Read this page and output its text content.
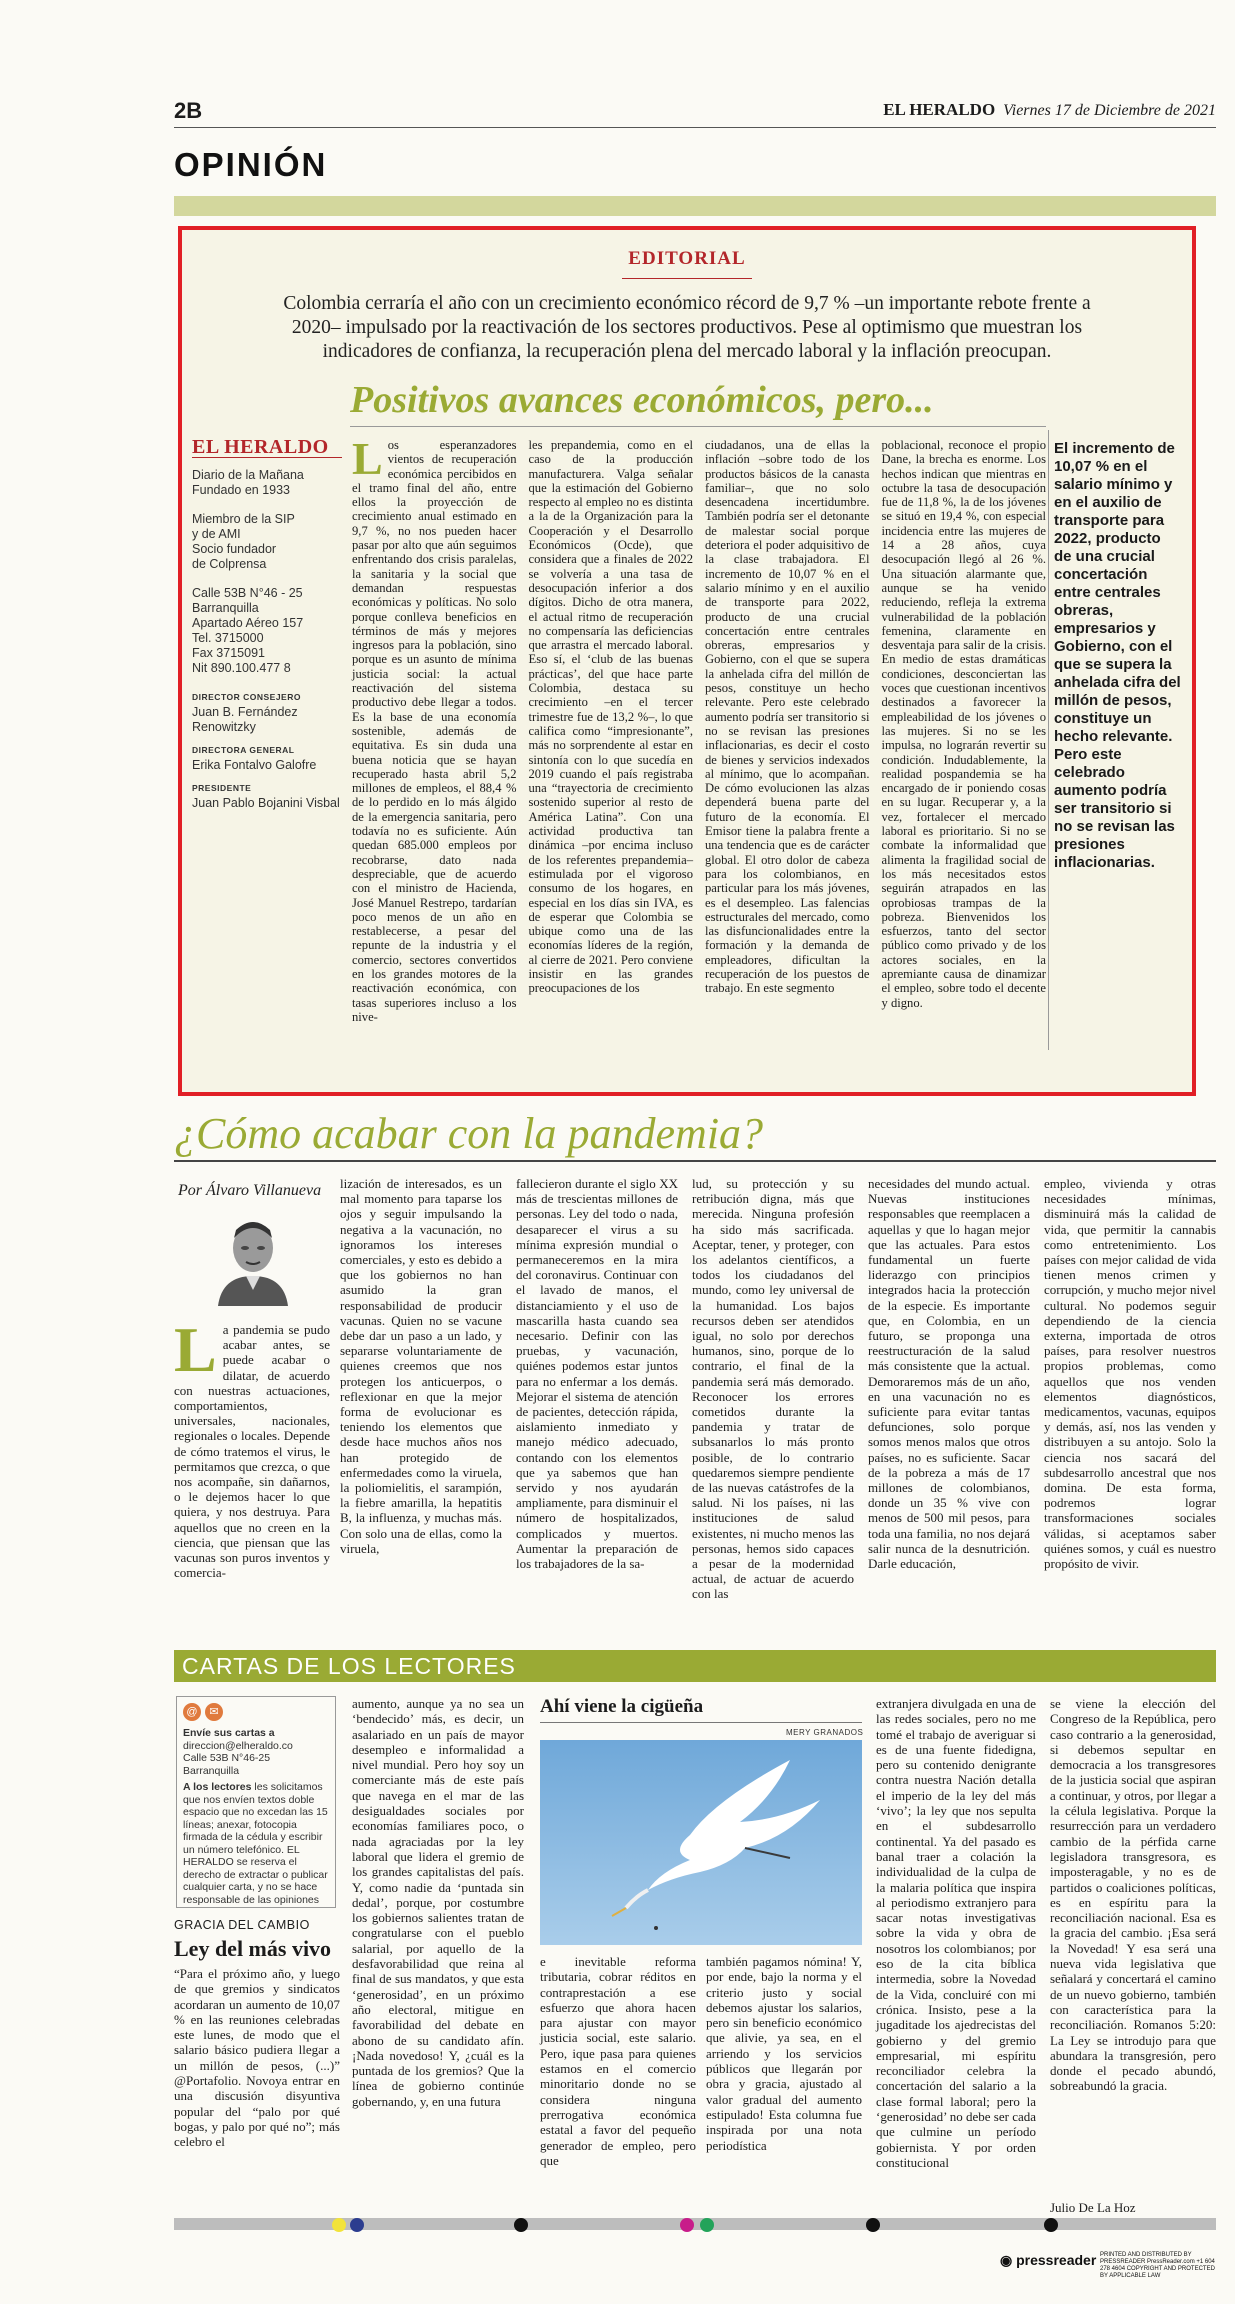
2B	EL HERALDO Viernes 17 de Diciembre de 2021
OPINIÓN
EDITORIAL
Colombia cerraría el año con un crecimiento económico récord de 9,7 % –un importante rebote frente a 2020– impulsado por la reactivación de los sectores productivos. Pese al optimismo que muestran los indicadores de confianza, la recuperación plena del mercado laboral y la inflación preocupan.
Positivos avances económicos, pero...
EL HERALDO
Diario de la Mañana
Fundado en 1933
Miembro de la SIP
y de AMI
Socio fundador
de Colprensa
Calle 53B N°46 - 25
Barranquilla
Apartado Aéreo 157
Tel. 3715000
Fax 3715091
Nit 890.100.477 8
DIRECTOR CONSEJERO
Juan B. Fernández Renowitzky
DIRECTORA GENERAL
Erika Fontalvo Galofre
PRESIDENTE
Juan Pablo Bojanini Visbal
Los esperanzadores vientos de recuperación económica percibidos en el tramo final del año, entre ellos la proyección de crecimiento anual estimado en 9,7 %, no nos pueden hacer pasar por alto que aún seguimos enfrentando dos crisis paralelas, la sanitaria y la social que demandan respuestas económicas y políticas. No solo porque conlleva beneficios en términos de más y mejores ingresos para la población, sino porque es un asunto de mínima justicia social: la actual reactivación del sistema productivo debe llegar a todos. Es la base de una economía sostenible, además de equitativa. Es sin duda una buena noticia que se hayan recuperado hasta abril 5,2 millones de empleos, el 88,4 % de lo perdido en lo más álgido de la emergencia sanitaria, pero todavía no es suficiente. Aún quedan 685.000 empleos por recobrarse, dato nada despreciable, que de acuerdo con el ministro de Hacienda, José Manuel Restrepo, tardarían poco menos de un año en restablecerse, a pesar del repunte de la industria y el comercio, sectores convertidos en los grandes motores de la reactivación económica, con tasas superiores incluso a los nive-
les prepandemia, como en el caso de la producción manufacturera. Valga señalar que la estimación del Gobierno respecto al empleo no es distinta a la de la Organización para la Cooperación y el Desarrollo Económicos (Ocde), que considera que a finales de 2022 se volvería a una tasa de desocupación inferior a dos dígitos. Dicho de otra manera, el actual ritmo de recuperación no compensaría las deficiencias que arrastra el mercado laboral. Eso sí, el ‘club de las buenas prácticas’, del que hace parte Colombia, destaca su crecimiento –en el tercer trimestre fue de 13,2 %–, lo que califica como “impresionante”, más no sorprendente al estar en sintonía con lo que sucedía en 2019 cuando el país registraba una “trayectoria de crecimiento sostenido superior al resto de América Latina”. Con una actividad productiva tan dinámica –por encima incluso de los referentes prepandemia– estimulada por el vigoroso consumo de los hogares, en especial en los días sin IVA, es de esperar que Colombia se ubique como una de las economías líderes de la región, al cierre de 2021. Pero conviene insistir en las grandes preocupaciones de los
ciudadanos, una de ellas la inflación –sobre todo de los productos básicos de la canasta familiar–, que no solo desencadena incertidumbre. También podría ser el detonante de malestar social porque deteriora el poder adquisitivo de la clase trabajadora. El incremento de 10,07 % en el salario mínimo y en el auxilio de transporte para 2022, producto de una crucial concertación entre centrales obreras, empresarios y Gobierno, con el que se supera la anhelada cifra del millón de pesos, constituye un hecho relevante. Pero este celebrado aumento podría ser transitorio si no se revisan las presiones inflacionarias, es decir el costo de bienes y servicios indexados al mínimo, que lo acompañan. De cómo evolucionen las alzas dependerá buena parte del futuro de la economía. El Emisor tiene la palabra frente a una tendencia que es de carácter global. El otro dolor de cabeza para los colombianos, en particular para los más jóvenes, es el desempleo. Las falencias estructurales del mercado, como las disfuncionalidades entre la formación y la demanda de empleadores, dificultan la recuperación de los puestos de trabajo. En este segmento
poblacional, reconoce el propio Dane, la brecha es enorme. Los hechos indican que mientras en octubre la tasa de desocupación fue de 11,8 %, la de los jóvenes se situó en 19,4 %, con especial incidencia entre las mujeres de 14 a 28 años, cuya desocupación llegó al 26 %. Una situación alarmante que, aunque se ha venido reduciendo, refleja la extrema vulnerabilidad de la población femenina, claramente en desventaja para salir de la crisis. En medio de estas dramáticas condiciones, desconciertan las voces que cuestionan incentivos destinados a favorecer la empleabilidad de los jóvenes o las mujeres. Si no se les impulsa, no lograrán revertir su condición. Indudablemente, la realidad pospandemia se ha encargado de ir poniendo cosas en su lugar. Recuperar y, a la vez, fortalecer el mercado laboral es prioritario. Si no se combate la informalidad que alimenta la fragilidad social de los más necesitados estos seguirán atrapados en las oprobiosas trampas de la pobreza. Bienvenidos los esfuerzos, tanto del sector público como privado y de los actores sociales, en la apremiante causa de dinamizar el empleo, sobre todo el decente y digno.
El incremento de 10,07 % en el salario mínimo y en el auxilio de transporte para 2022, producto de una crucial concertación entre centrales obreras, empresarios y Gobierno, con el que se supera la anhelada cifra del millón de pesos, constituye un hecho relevante. Pero este celebrado aumento podría ser transitorio si no se revisan las presiones inflacionarias.
¿Cómo acabar con la pandemia?
Por Álvaro Villanueva lización de interesados, es un mal momento para taparse los ojos y seguir impulsando la negativa a la vacunación, no ignoramos los intereses comerciales, y esto es debido a que los gobiernos no han asumido la gran responsabilidad de producir vacunas. Quien no se vacune debe dar un paso a un lado, y separarse voluntariamente de quienes creemos que nos protegen los anticuerpos, o reflexionar en que la mejor forma de evolucionar es teniendo los elementos que desde hace muchos años nos han protegido de enfermedades como la viruela, la poliomielitis, el sarampión, la fiebre amarilla, la hepatitis B, la influenza, y muchas más. Con solo una de ellas, como la viruela,
fallecieron durante el siglo XX más de trescientas millones de personas. Ley del todo o nada, desaparecer el virus a su mínima expresión mundial o permaneceremos en la mira del coronavirus. Continuar con el lavado de manos, el distanciamiento y el uso de mascarilla hasta cuando sea necesario. Definir con las pruebas, y vacunación, quiénes podemos estar juntos para no enfermar a los demás. Mejorar el sistema de atención de pacientes, detección rápida, aislamiento inmediato y manejo médico adecuado, contando con los elementos que ya sabemos que han servido y nos ayudarán ampliamente, para disminuir el número de hospitalizados, complicados y muertos. Aumentar la preparación de los trabajadores de la sa-
lud, su protección y su retribución digna, más que merecida. Ninguna profesión ha sido más sacrificada. Aceptar, tener, y proteger, con los adelantos científicos, a todos los ciudadanos del mundo, como ley universal de la humanidad. Los bajos recursos deben ser atendidos igual, no solo por derechos humanos, sino, porque de lo contrario, el final de la pandemia será más demorado. Reconocer los errores cometidos durante la pandemia y tratar de subsanarlos lo más pronto posible, de lo contrario quedaremos siempre pendiente de las nuevas catástrofes de la salud. Ni los países, ni las instituciones de salud existentes, ni mucho menos las personas, hemos sido capaces a pesar de la modernidad actual, de actuar de acuerdo con las
necesidades del mundo actual. Nuevas instituciones responsables que reemplacen a aquellas y que lo hagan mejor que las actuales. Para estos fundamental un fuerte liderazgo con principios integrados hacia la protección de la especie. Es importante que, en Colombia, en un futuro, se proponga una reestructuración de la salud más consistente que la actual. Demoraremos más de un año, en una vacunación no es suficiente para evitar tantas defunciones, solo porque somos menos malos que otros países, no es suficiente. Sacar de la pobreza a más de 17 millones de colombianos, donde un 35 % vive con menos de 500 mil pesos, para toda una familia, no nos dejará salir nunca de la desnutrición. Darle educación,
empleo, vivienda y otras necesidades mínimas, disminuirá más la calidad de vida, que permitir la cannabis como entretenimiento. Los países con mejor calidad de vida tienen menos crimen y corrupción, y mucho mejor nivel cultural. No podemos seguir dependiendo de la ciencia externa, importada de otros países, para resolver nuestros propios problemas, como aquellos que nos venden elementos diagnósticos, medicamentos, vacunas, equipos y demás, así, nos las venden y distribuyen a su antojo. Solo la ciencia nos sacará del subdesarrollo ancestral que nos domina. De esta forma, podremos lograr transformaciones sociales válidas, si aceptamos saber quiénes somos, y cuál es nuestro propósito de vivir.
La pandemia se pudo acabar antes, se puede acabar o dilatar, de acuerdo con nuestras actuaciones, comportamientos, universales, nacionales, regionales o locales. Depende de cómo tratemos el virus, le permitamos que crezca, o que nos acompañe, sin dañarnos, o le dejemos hacer lo que quiera, y nos destruya. Para aquellos que no creen en la ciencia, que piensan que las vacunas son puros inventos y comercia-
CARTAS DE LOS LECTORES
@	✉
Envíe sus cartas a
direccion@elheraldo.co
Calle 53B N°46-25 Barranquilla
A los lectores les solicitamos que nos envíen textos doble espacio que no excedan las 15 líneas; anexar, fotocopia firmada de la cédula y escribir un número telefónico. EL HERALDO se reserva el derecho de extractar o publicar cualquier carta, y no se hace responsable de las opiniones
GRACIA DEL CAMBIO
Ley del más vivo
“Para el próximo año, y luego de que gremios y sindicatos acordaran un aumento de 10,07 % en las reuniones celebradas este lunes, de modo que el salario básico pudiera llegar a un millón de pesos, (...)” @Portafolio. Novoya entrar en una discusión disyuntiva popular del “palo por qué bogas, y palo por qué no”; más celebro el
aumento, aunque ya no sea un ‘bendecido’ más, es decir, un asalariado en un país de mayor desempleo e informalidad a nivel mundial. Pero hoy soy un comerciante más de este país que navega en el mar de las desigualdades sociales por economías familiares poco, o nada agraciadas por la ley laboral que lidera el gremio de los grandes capitalistas del país. Y, como nadie da ‘puntada sin dedal’, porque, por costumbre los gobiernos salientes tratan de congratularse con el pueblo salarial, por aquello de la desfavorabilidad que reina al final de sus mandatos, y que esta ‘generosidad’, en un próximo año electoral, mitigue en favorabilidad del debate en abono de su candidato afín. ¡Nada novedoso! Y, ¿cuál es la puntada de los gremios? Que la línea de gobierno continúe gobernando, y, en una futura
Ahí viene la cigüeña
MERY GRANADOS
e inevitable reforma tributaria, cobrar réditos en contraprestación a ese esfuerzo que ahora hacen para ajustar con mayor justicia social, este salario. Pero, ique pasa para quienes estamos en el comercio minoritario donde no se considera ninguna prerrogativa económica estatal a favor del pequeño generador de empleo, pero que
también pagamos nómina! Y, por ende, bajo la norma y el criterio justo y social debemos ajustar los salarios, pero sin beneficio económico que alivie, ya sea, en el arriendo y los servicios públicos que llegarán por obra y gracia, ajustado al valor gradual del aumento estipulado! Esta columna fue inspirada por una nota periodística
extranjera divulgada en una de las redes sociales, pero no me tomé el trabajo de averiguar si es de una fuente fidedigna, pero su contenido denigrante contra nuestra Nación detalla el imperio de la ley del más ‘vivo’; la ley que nos sepulta en el subdesarrollo continental. Ya del pasado es banal traer a colación la individualidad de la culpa de la malaria política que inspira al periodismo extranjero para sacar notas investigativas sobre la vida y obra de nosotros los colombianos; por eso de la cita bíblica intermedia, sobre la Novedad de la Vida, concluiré con mi crónica. Insisto, pese a la jugaditade los ajedrecistas del gobierno y del gremio empresarial, mi espíritu reconciliador celebra la concertación del salario a la clase formal laboral; pero la ‘generosidad’ no debe ser cada que culmine un período gobiernista. Y por orden constitucional
se viene la elección del Congreso de la República, pero caso contrario a la generosidad, si debemos sepultar en democracia a los transgresores de la justicia social que aspiran a continuar, y otros, por llegar a la célula legislativa. Porque la resurrección para un verdadero cambio de la pérfida carne legisladora transgresora, es imposteragable, y no es de partidos o coaliciones políticas, es en espíritu para la reconciliación nacional. Esa es la gracia del cambio. ¡Esa será la Novedad! Y esa será una nueva vida legislativa que señalará y concertará el camino de un nuevo gobierno, también con característica para la reconciliación. Romanos 5:20: La Ley se introdujo para que abundara la transgresión, pero donde el pecado abundó, sobreabundó la gracia.
Julio De La Hoz
◉ pressreader PRINTED AND DISTRIBUTED BY PRESSREADER PressReader.com +1 604 278 4604 COPYRIGHT AND PROTECTED BY APPLICABLE LAW
